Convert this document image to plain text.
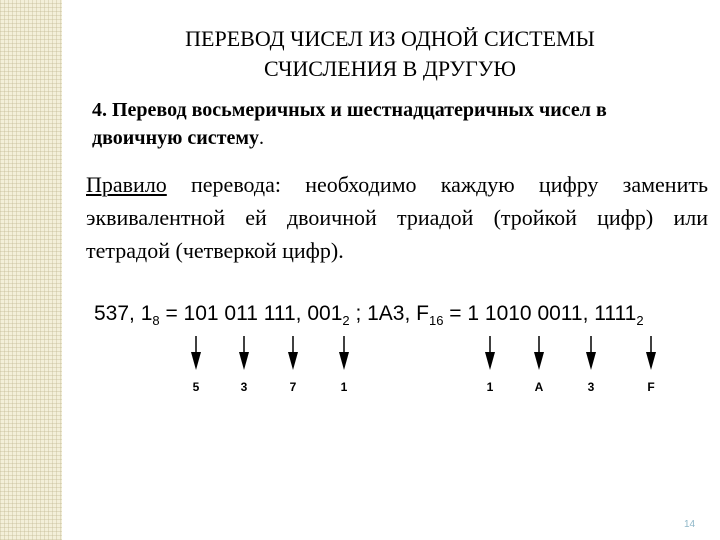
ПЕРЕВОД ЧИСЕЛ ИЗ ОДНОЙ СИСТЕМЫ
СЧИСЛЕНИЯ В ДРУГУЮ
4. Перевод восьмеричных и шестнадцатеричных чисел в двоичную систему.
Правило перевода: необходимо каждую цифру заменить эквивалентной ей двоичной триадой (тройкой цифр) или тетрадой (четверкой цифр).
537, $1_8 = 101$ 011 111, $001_2$ ; 1A3, $F_{16} = 1$ 1010 0011, $1111_2$
5	3	7	1	1	A	3	F
14
